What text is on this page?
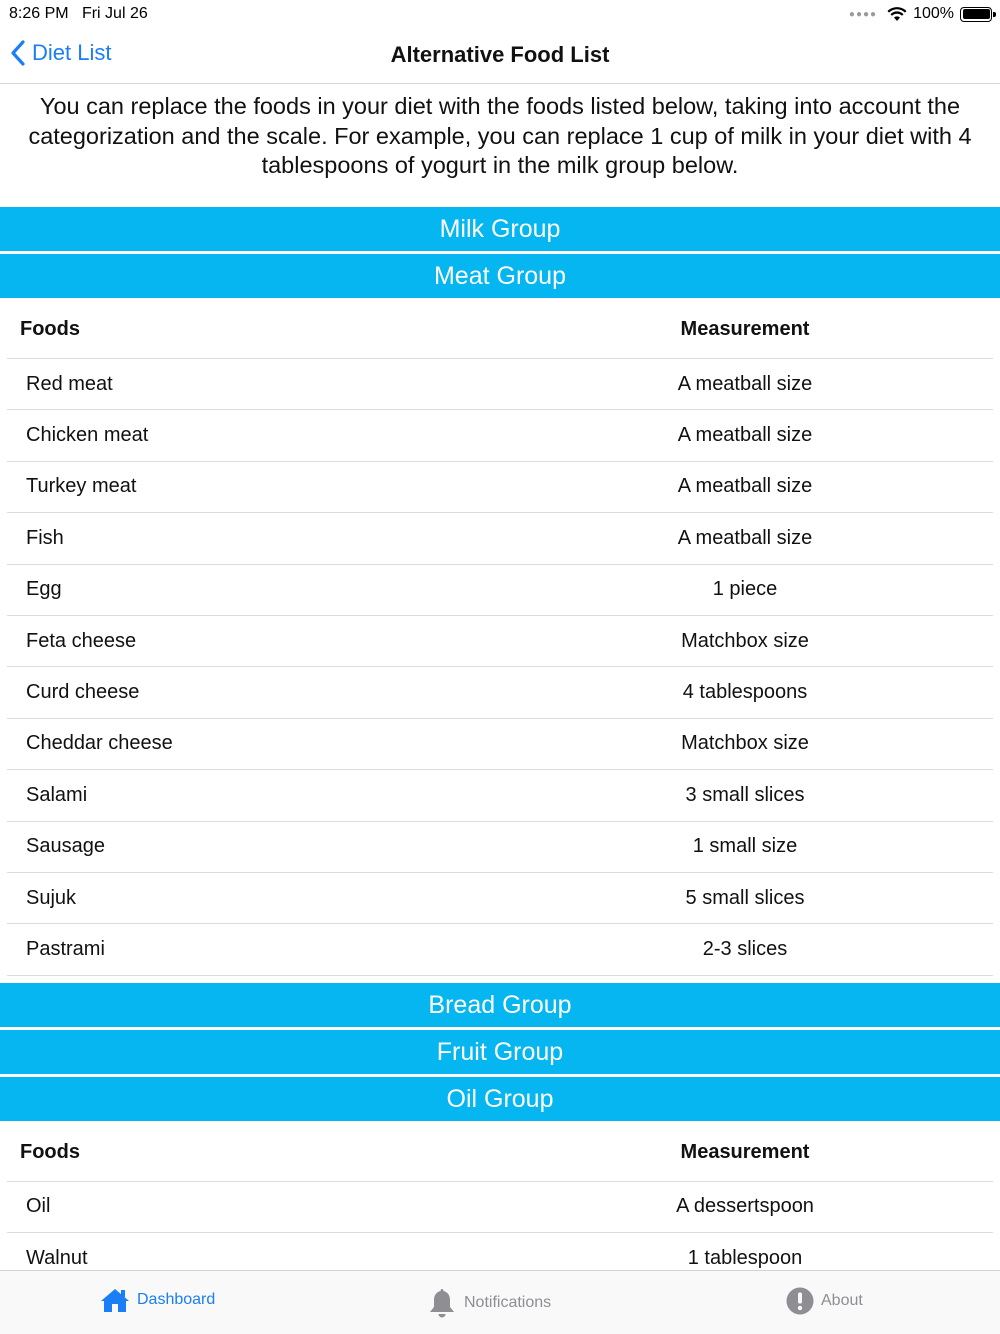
8:26 PM Fri Jul 26	●●●● 100%
Diet List	Alternative Food List
You can replace the foods in your diet with the foods listed below, taking into account the categorization and the scale. For example, you can replace 1 cup of milk in your diet with 4 tablespoons of yogurt in the milk group below.
Milk Group
Meat Group
Foods	Measurement
Red meat	A meatball size
Chicken meat	A meatball size
Turkey meat	A meatball size
Fish	A meatball size
Egg	1 piece
Feta cheese	Matchbox size
Curd cheese	4 tablespoons
Cheddar cheese	Matchbox size
Salami	3 small slices
Sausage	1 small size
Sujuk	5 small slices
Pastrami	2-3 slices
Bread Group
Fruit Group
Oil Group
Foods	Measurement
Oil	A dessertspoon
Walnut	1 tablespoon
Dashboard	Notifications	About
